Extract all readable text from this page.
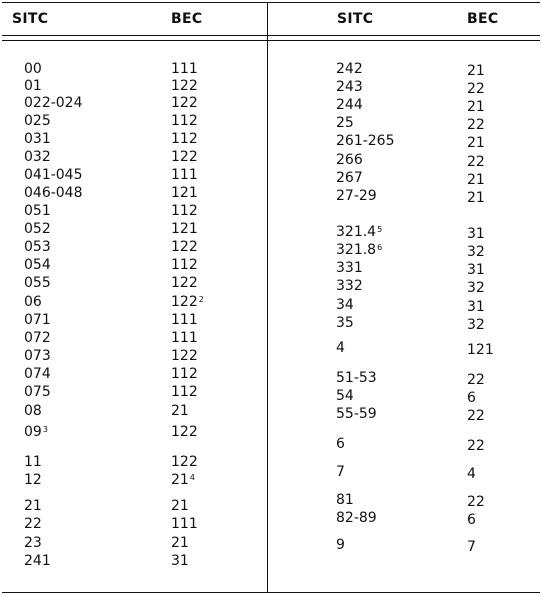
SITC	BEC	SITC	BEC
00	111
01	122
022-024	122
025	112
031	112
032	122
041-045	111
046-048	121
051	112
052	121
053	122
054	112
055	122
06	$122^2$
071	111
072	111
073	122
074	112
075	112
08	21
$09^3$	122
11	122
12	$21^4$
21	21
22	111
23	21
241	31
242	21
243	22
244	21
25	22
261-265	21
266	22
267	21
27-29	21
321.4$^5$	31
321.8$^6$	32
331	31
332	32
34	31
35	32
4	121
51-53	22
54	6
55-59	22
6	22
7	4
81	22
82-89	6
9	7
